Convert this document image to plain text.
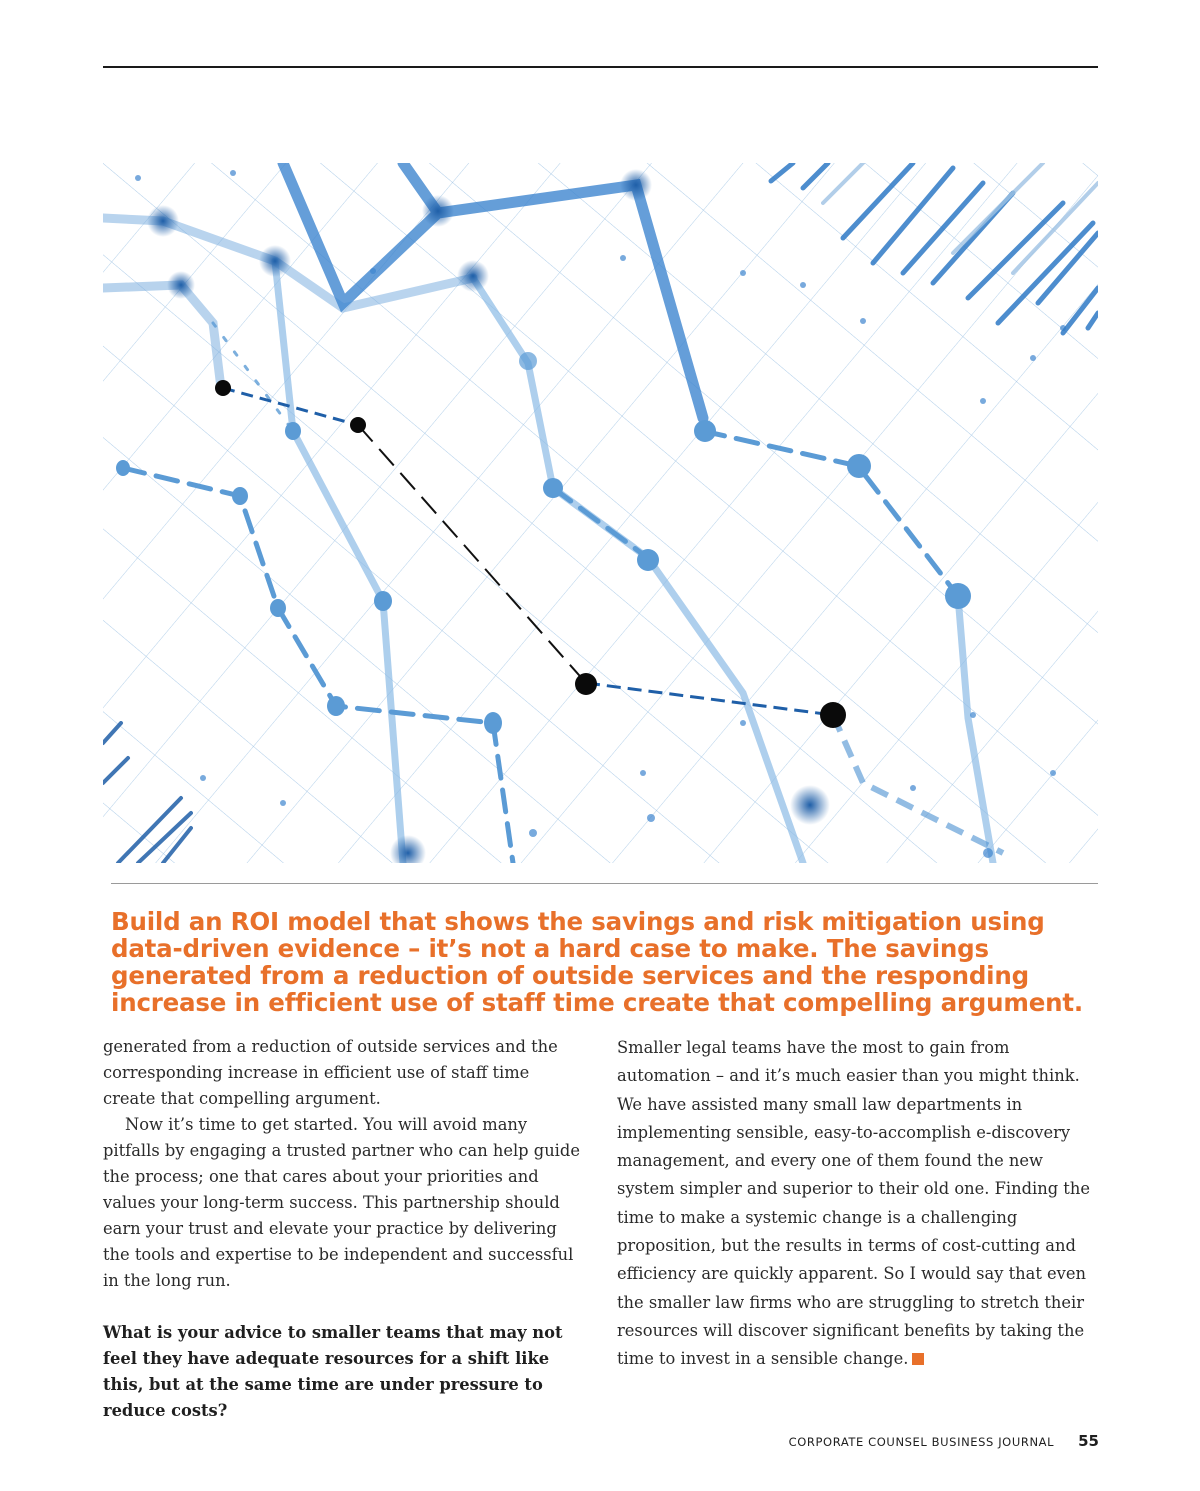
Build an ROI model that shows the savings and risk mitigation using data-driven evidence – it’s not a hard case to make. The savings generated from a reduction of outside services and the responding increase in efficient use of staff time create that compelling argument.

generated from a reduction of outside services and the corresponding increase in efficient use of staff time create that compelling argument.

Now it’s time to get started. You will avoid many pitfalls by engaging a trusted partner who can help guide the process; one that cares about your priorities and values your long-term success. This partnership should earn your trust and elevate your practice by delivering the tools and expertise to be independent and successful in the long run.

What is your advice to smaller teams that may not feel they have adequate resources for a shift like this, but at the same time are under pressure to reduce costs?

Smaller legal teams have the most to gain from automation – and it’s much easier than you might think. We have assisted many small law departments in implementing sensible, easy-to-accomplish e-discovery management, and every one of them found the new system simpler and superior to their old one. Finding the time to make a systemic change is a challenging proposition, but the results in terms of cost-cutting and efficiency are quickly apparent. So I would say that even the smaller law firms who are struggling to stretch their resources will discover significant benefits by taking the time to invest in a sensible change.

CORPORATE COUNSEL BUSINESS JOURNAL 55
